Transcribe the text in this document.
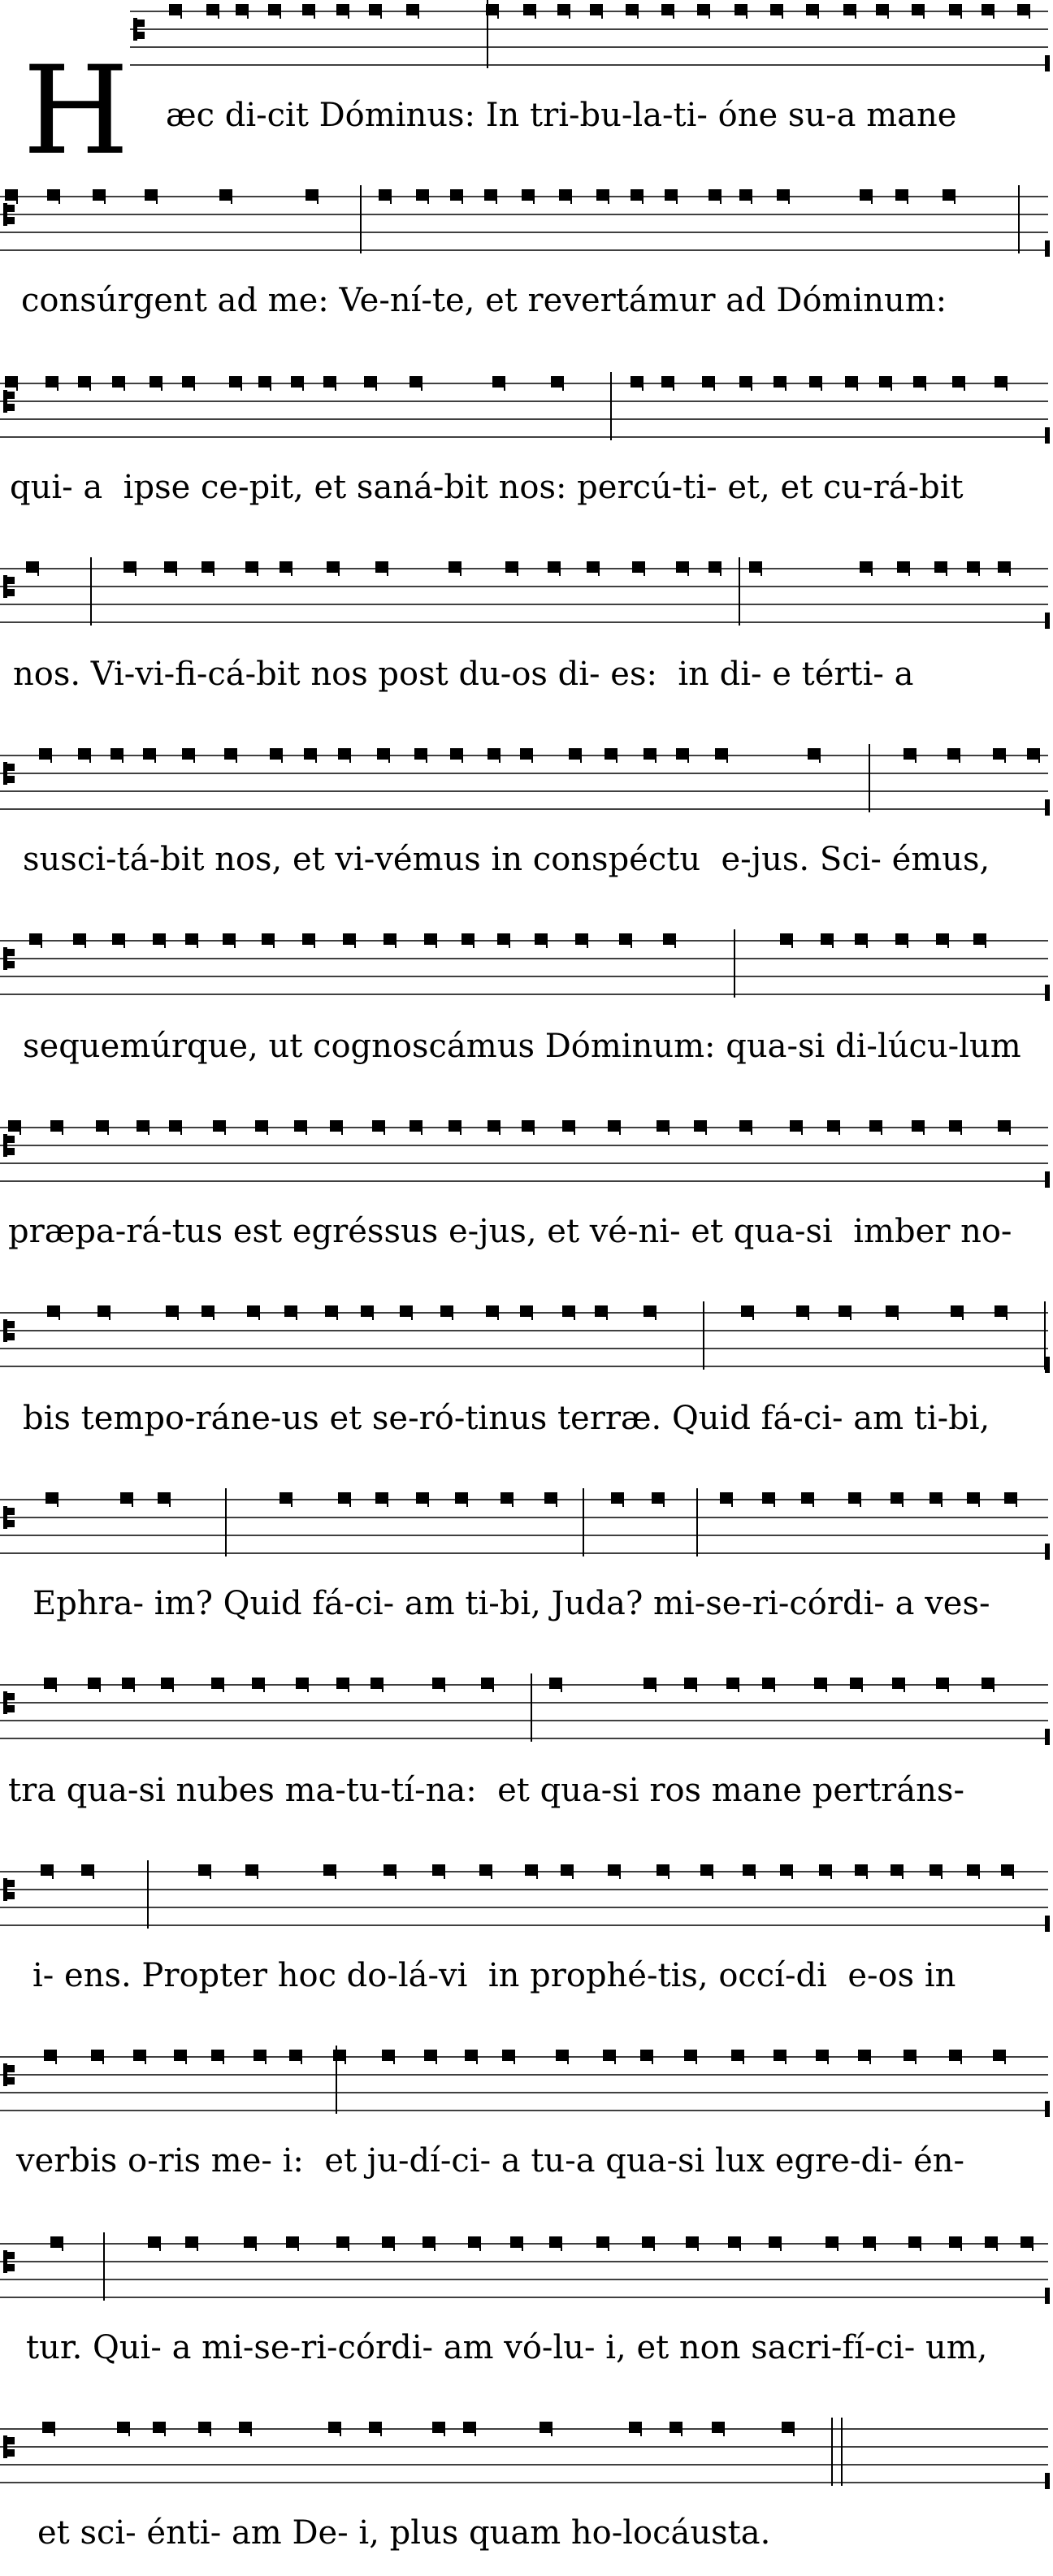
H æc di-cit Dóminus: In tri-bu-la-ti- óne su-a mane
consúrgent ad me: Ve-ní-te, et revertámur ad Dóminum:
qui- a  ipse ce-pit, et saná-bit nos: percú-ti- et, et cu-rá-bit
nos. Vi-vi-fi-cá-bit nos post du-os di- es:  in di- e térti- a
susci-tá-bit nos, et vi-vémus in conspéctu  e-jus. Sci- émus,
sequemúrque, ut cognoscámus Dóminum: qua-si di-lúcu-lum
præpa-rá-tus est egréssus e-jus, et vé-ni- et qua-si  imber no-
bis tempo-ráne-us et se-ró-tinus terræ. Quid fá-ci- am ti-bi,
Ephra- im? Quid fá-ci- am ti-bi, Juda? mi-se-ri-córdi- a ves-
tra qua-si nubes ma-tu-tí-na:  et qua-si ros mane pertráns-
i- ens. Propter hoc do-lá-vi  in prophé-tis, occí-di  e-os in
verbis o-ris me- i:  et ju-dí-ci- a tu-a qua-si lux egre-di- én-
tur. Qui- a mi-se-ri-córdi- am vó-lu- i, et non sacri-fí-ci- um,
et sci- énti- am De- i, plus quam ho-locáusta.
